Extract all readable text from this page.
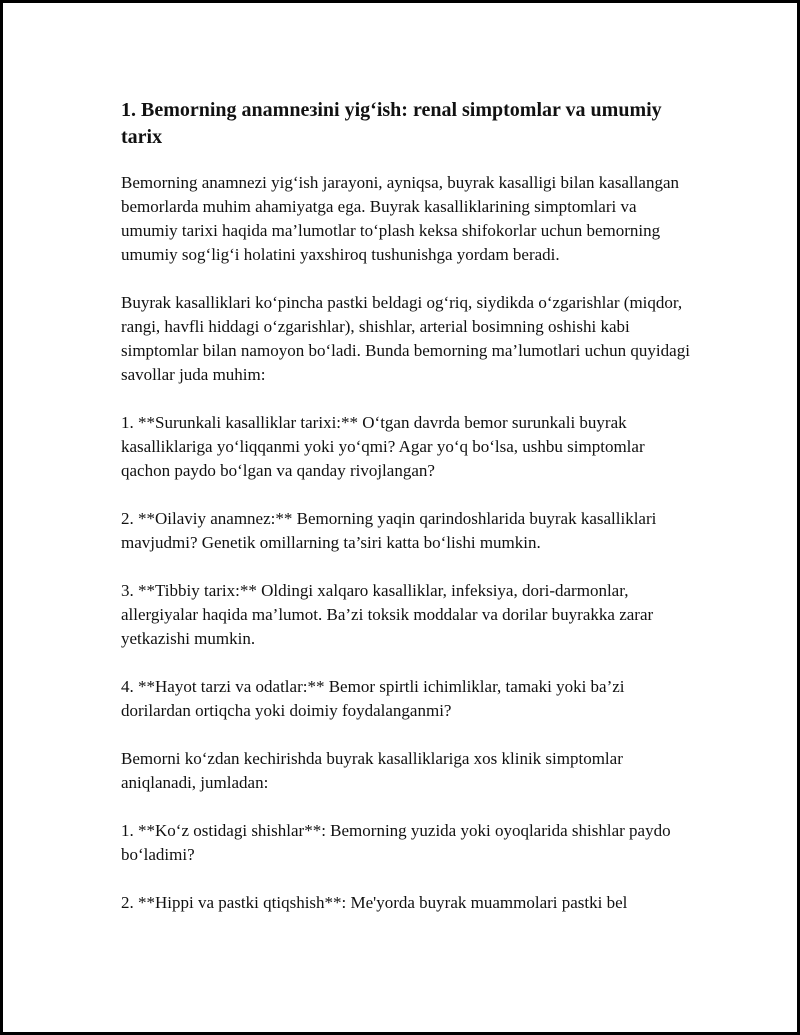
1. Bemorning anamnезini yig‘ish: renal simptomlar va umumiy tarix

Bemorning anamnezi yig‘ish jarayoni, ayniqsa, buyrak kasalligi bilan kasallangan bemorlarda muhim ahamiyatga ega. Buyrak kasalliklarining simptomlari va umumiy tarixi haqida ma’lumotlar to‘plash keksa shifokorlar uchun bemorning umumiy sog‘lig‘i holatini yaxshiroq tushunishga yordam beradi.

Buyrak kasalliklari ko‘pincha pastki beldagi og‘riq, siydikda o‘zgarishlar (miqdor, rangi, havfli hiddagi o‘zgarishlar), shishlar, arterial bosimning oshishi kabi simptomlar bilan namoyon bo‘ladi. Bunda bemorning ma’lumotlari uchun quyidagi savollar juda muhim:

1. **Surunkali kasalliklar tarixi:** O‘tgan davrda bemor surunkali buyrak kasalliklariga yo‘liqqanmi yoki yo‘qmi? Agar yo‘q bo‘lsa, ushbu simptomlar qachon paydo bo‘lgan va qanday rivojlangan?

2. **Oilaviy anamnez:** Bemorning yaqin qarindoshlarida buyrak kasalliklari mavjudmi? Genetik omillarning ta’siri katta bo‘lishi mumkin.

3. **Tibbiy tarix:** Oldingi xalqaro kasalliklar, infeksiya, dori-darmonlar, allergiyalar haqida ma’lumot. Ba’zi toksik moddalar va dorilar buyrakka zarar yetkazishi mumkin.

4. **Hayot tarzi va odatlar:** Bemor spirtli ichimliklar, tamaki yoki ba’zi dorilardan ortiqcha yoki doimiy foydalanganmi?

Bemorni ko‘zdan kechirishda buyrak kasalliklariga xos klinik simptomlar aniqlanadi, jumladan:

1. **Ko‘z ostidagi shishlar**: Bemorning yuzida yoki oyoqlarida shishlar paydo bo‘ladimi?

2. **Hippi va pastki qtiqshish**: Me'yorda buyrak muammolari pastki bel
